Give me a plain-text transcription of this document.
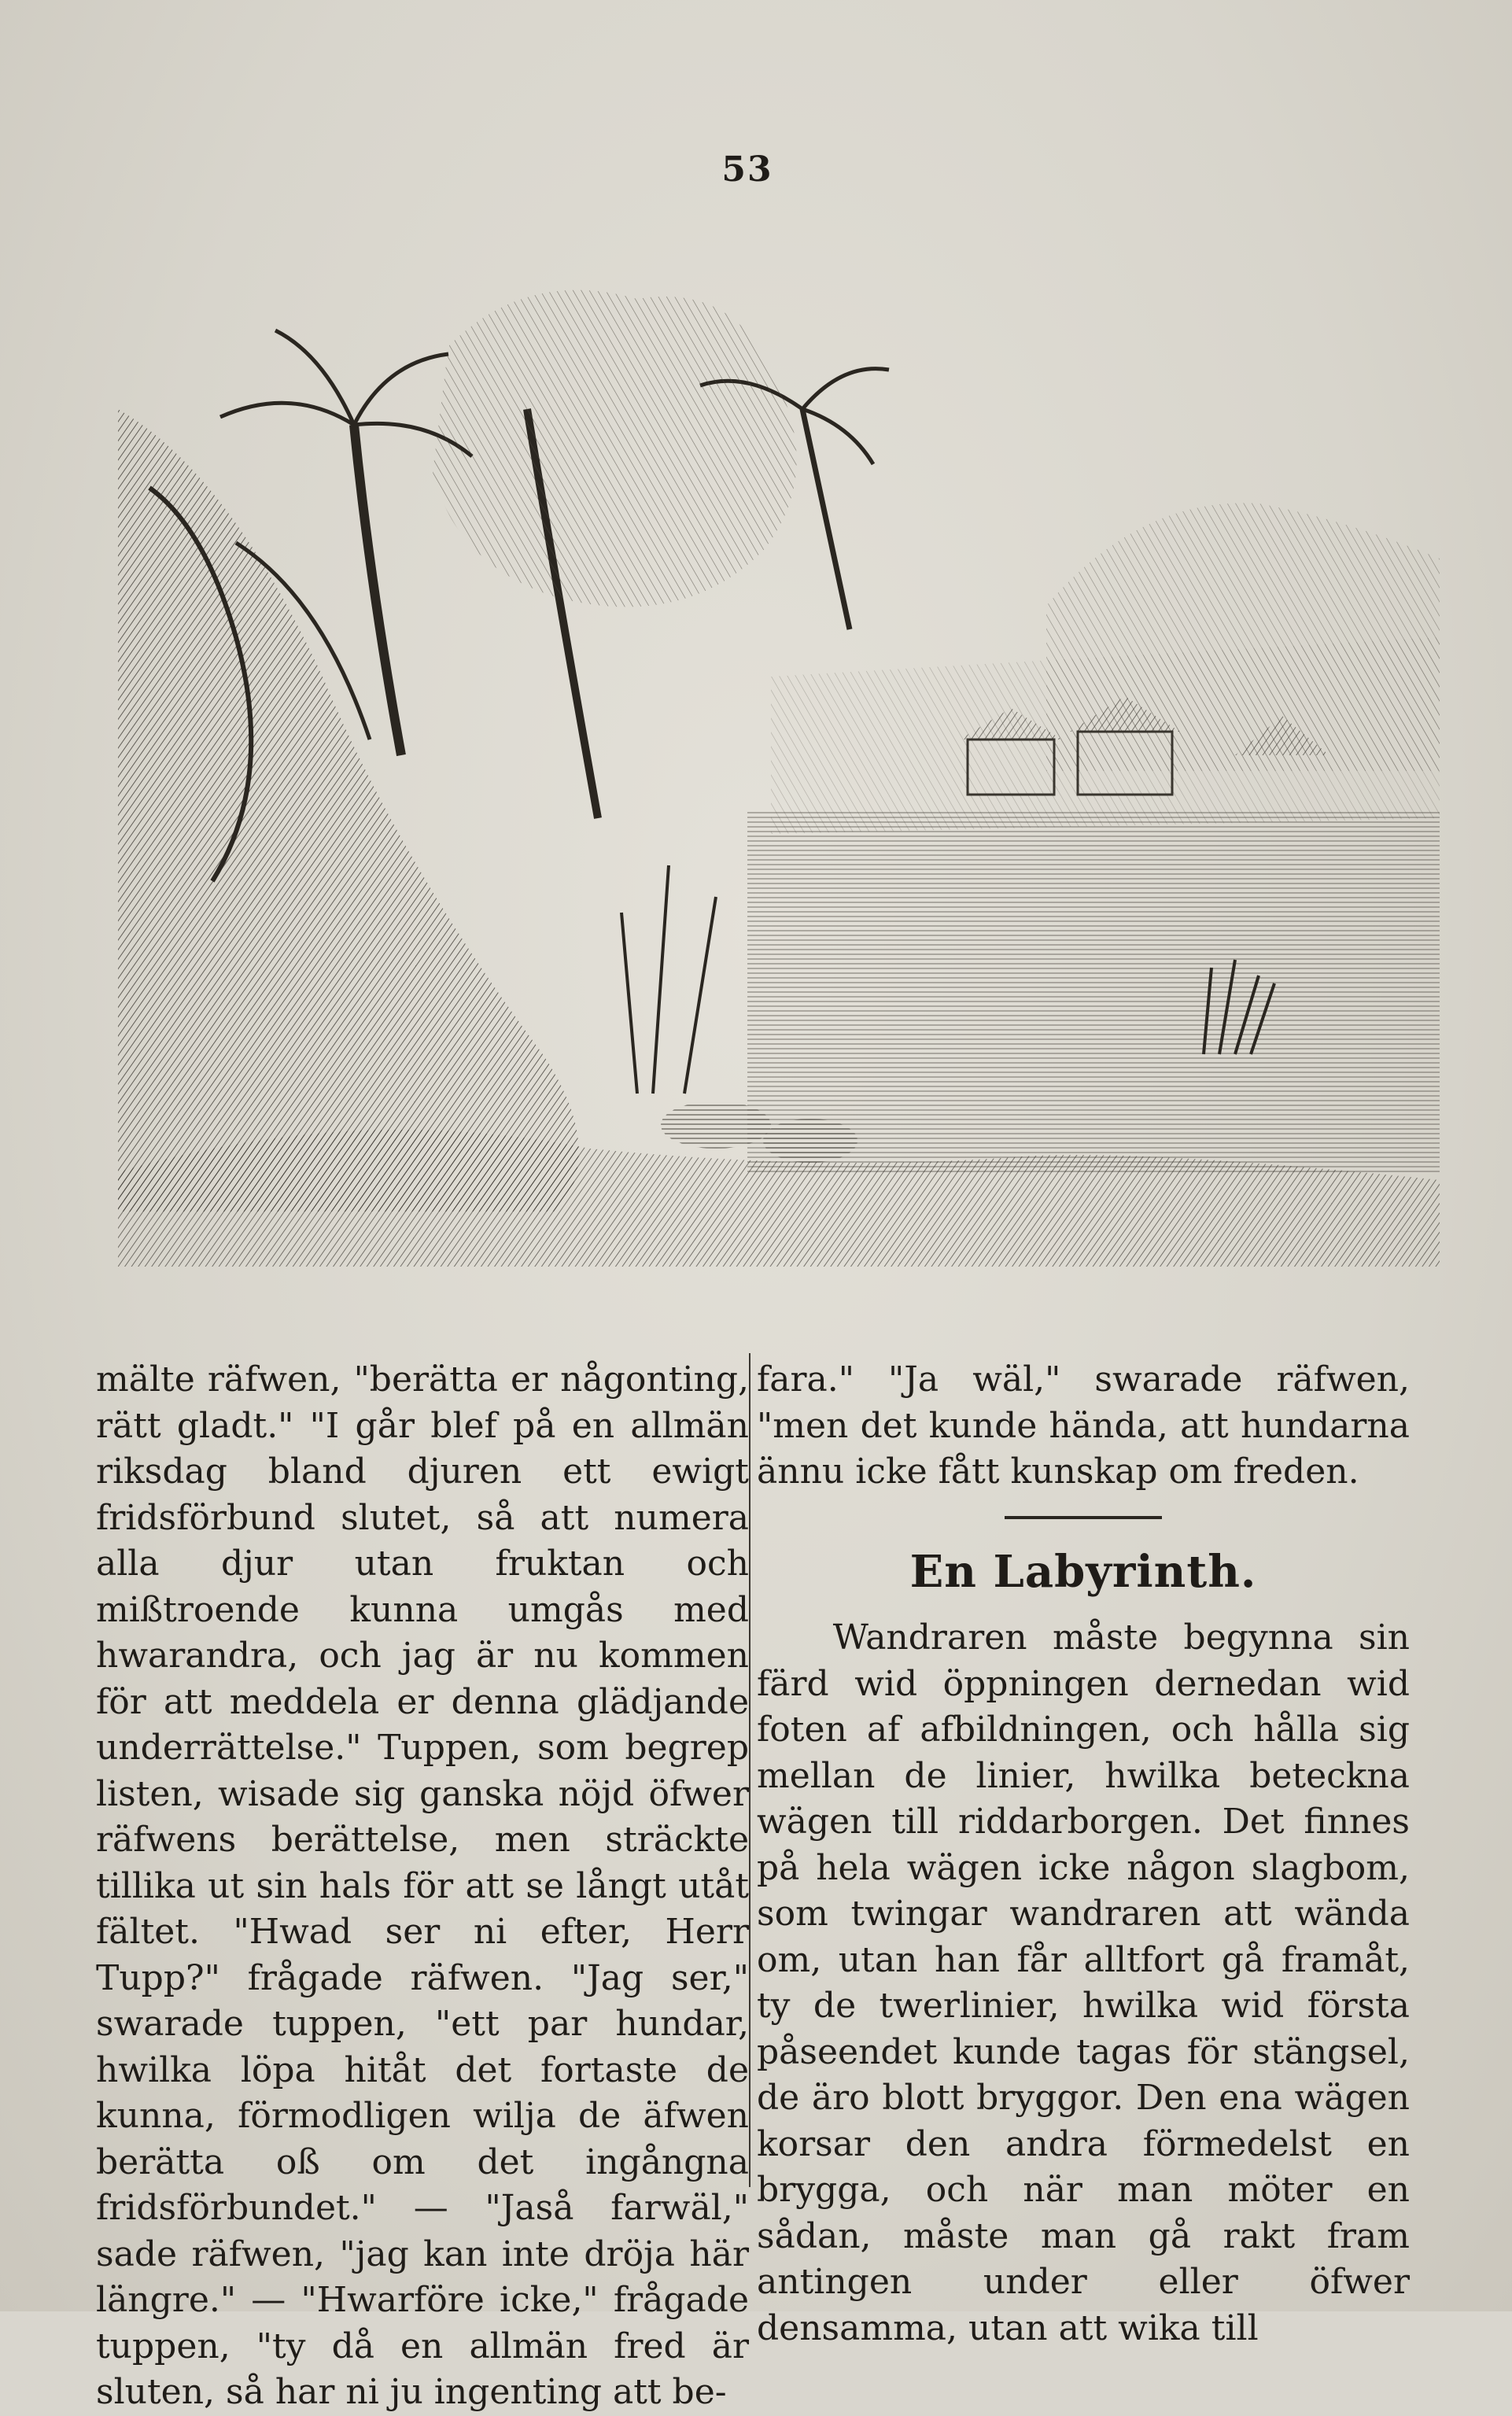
53

mälte räfwen, "berätta er någonting, rätt gladt." "I går blef på en allmän riksdag bland djuren ett ewigt fridsförbund slutet, så att numera alla djur utan fruktan och mißtroende kunna umgås med hwarandra, och jag är nu kommen för att meddela er denna glädjande underrättelse." Tuppen, som begrep listen, wisade sig ganska nöjd öfwer räfwens berättelse, men sträckte tillika ut sin hals för att se långt utåt fältet. "Hwad ser ni efter, Herr Tupp?" frågade räfwen. "Jag ser," swarade tuppen, "ett par hundar, hwilka löpa hitåt det fortaste de kunna, förmodligen wilja de äfwen berätta oß om det ingångna fridsförbundet." — "Jaså farwäl," sade räfwen, "jag kan inte dröja här längre." — "Hwarföre icke," frågade tuppen, "ty då en allmän fred är sluten, så har ni ju ingenting att be-

fara." "Ja wäl," swarade räfwen, "men det kunde hända, att hundarna ännu icke fått kunskap om freden.

En Labyrinth.

Wandraren måste begynna sin färd wid öppningen dernedan wid foten af afbildningen, och hålla sig mellan de linier, hwilka beteckna wägen till riddarborgen. Det finnes på hela wägen icke någon slagbom, som twingar wandraren att wända om, utan han får alltfort gå framåt, ty de twerlinier, hwilka wid första påseendet kunde tagas för stängsel, de äro blott bryggor. Den ena wägen korsar den andra förmedelst en brygga, och när man möter en sådan, måste man gå rakt fram antingen under eller öfwer densamma, utan att wika till
